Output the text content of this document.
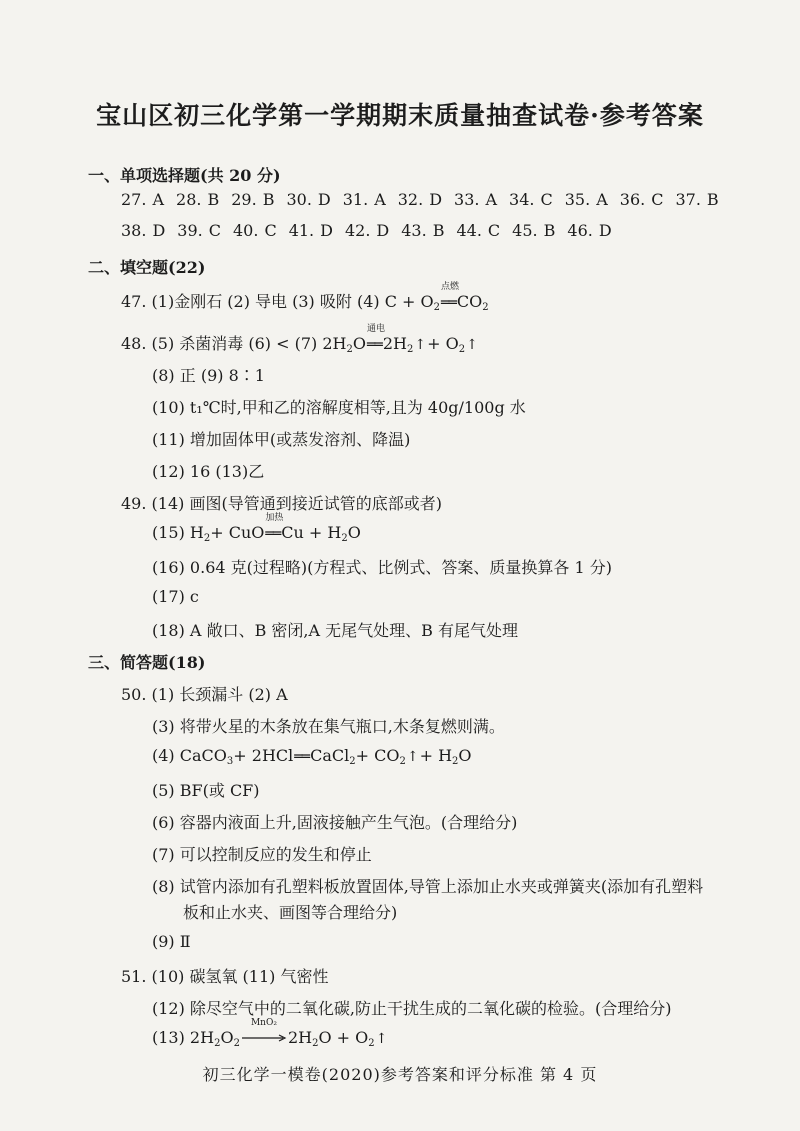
宝山区初三化学第一学期期末质量抽查试卷·参考答案
一、单项选择题(共 20 分)
27. A 28. B 29. B 30. D 31. A 32. D 33. A 34. C 35. A 36. C 37. B
38. D 39. C 40. C 41. D 42. D 43. B 44. C 45. B 46. D
二、填空题(22)
47. (1)金刚石 (2) 导电 (3) 吸附 (4) $C + O_2$
点燃
$══CO_2$
48. (5) 杀菌消毒 (6) < (7) $2H_2O$
通电
$══2H_2↑+$ $O_2↑$
(8) 正 (9) 8∶1
(10) t₁℃时,甲和乙的溶解度相等,且为 40g/100g 水
(11) 增加固体甲(或蒸发溶剂、降温)
(12) 16 (13)乙
49. (14) 画图(导管通到接近试管的底部或者)
(15) $H_2+$ CuO
加热
══Cu + $H_2O$
(16) 0.64 克(过程略)(方程式、比例式、答案、质量换算各 1 分)
(17) c
(18) A 敞口、B 密闭,A 无尾气处理、B 有尾气处理
三、简答题(18)
50. (1) 长颈漏斗 (2) A
(3) 将带火星的木条放在集气瓶口,木条复燃则满。
(4) CaCO$_3$+ 2HCl══CaCl$_2$+ $CO_2↑+ H_2O$
(5) BF(或 CF)
(6) 容器内液面上升,固液接触产生气泡。(合理给分)
(7) 可以控制反应的发生和停止
(8) 试管内添加有孔塑料板放置固体,导管上添加止水夹或弹簧夹(添加有孔塑料
板和止水夹、画图等合理给分)
(9) Ⅱ
51. (10) 碳氢氧 (11) 气密性
(12) 除尽空气中的二氧化碳,防止干扰生成的二氧化碳的检验。(合理给分)
(13) $2H_2O_2$
MnO₂
$2H_2O$ + $O_2↑$
初三化学一模卷(2020)参考答案和评分标准 第 4 页
